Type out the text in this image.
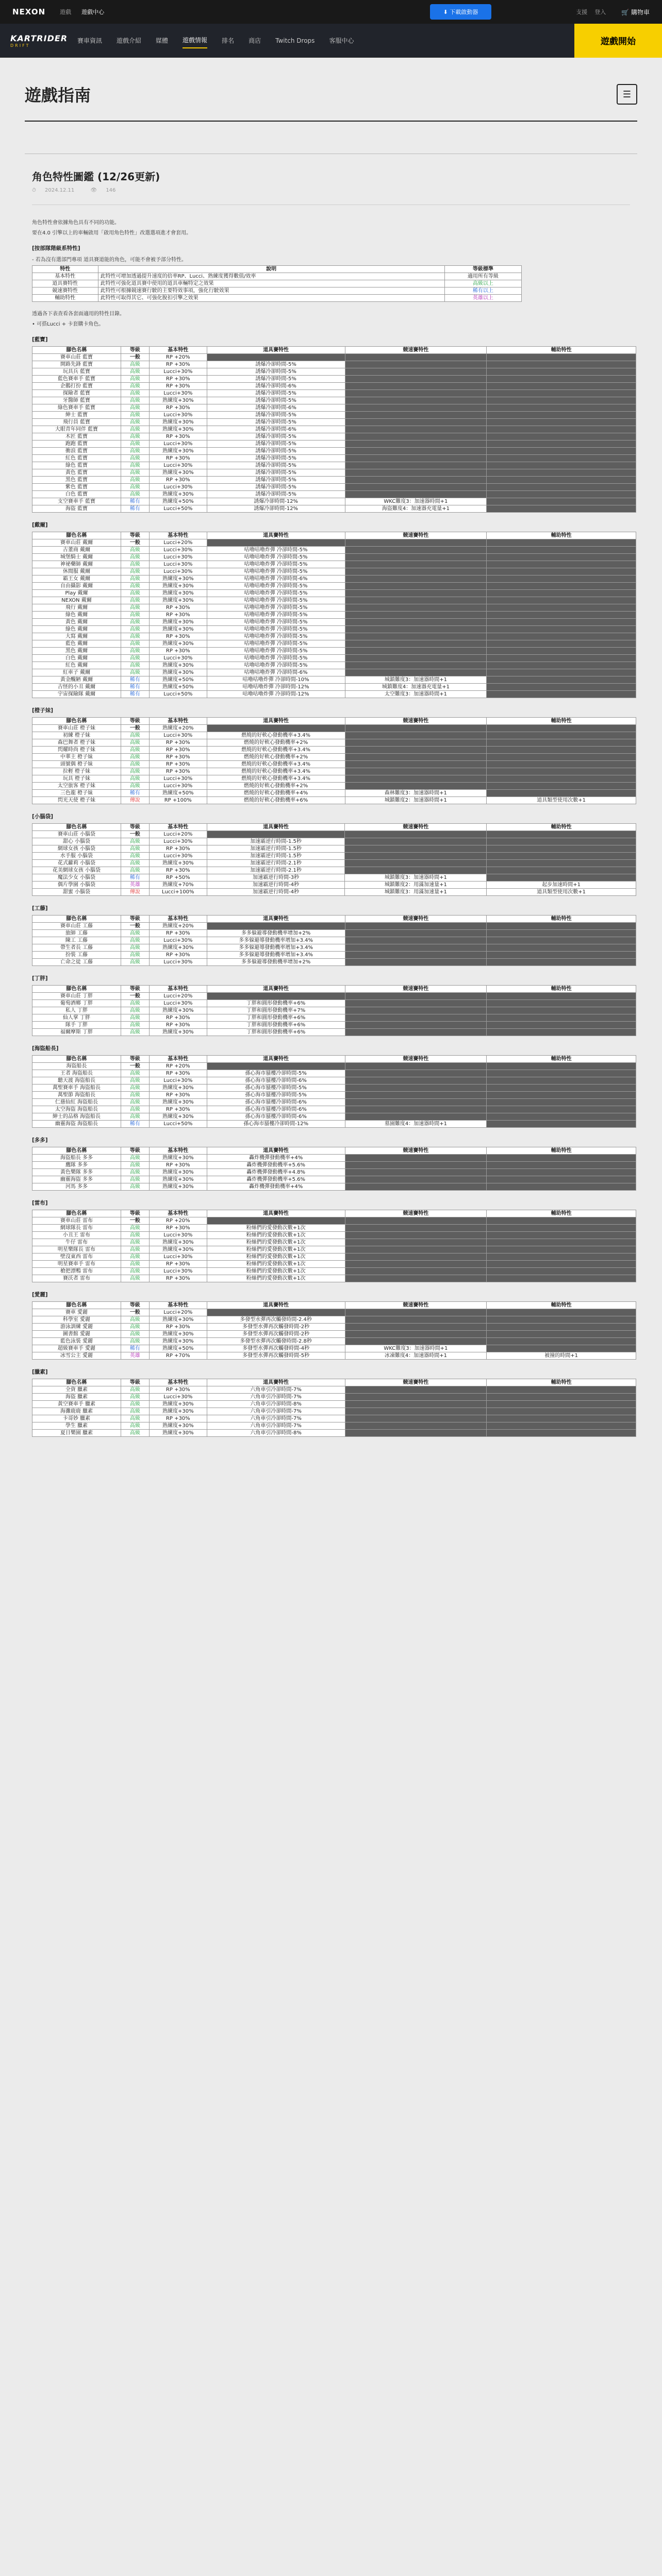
NEXON	遊戲 遊戲中心	⬇ 下載啟動器	支援 登入	🛒 購物車
KARTRIDER
DRIFT
賽車資訊 遊戲介紹 媒體 遊戲情報 排名 商店 Twitch Drops 客服中心	遊戲開始
遊戲指南	☰
角色特性圖鑑 (12/26更新)
⏱ 2024.12.11	👁 146

角色特性會依據角色具有不同的功能。

要在4.0 引擎以上的車輛啟用「啟用角色特性」改選選項進才會套用。

[按部隊階級系特性]

- 若為沒有選部門專項 道具賽道能的角色，可能不會被予部分特性。

特性	說明	等級標準
基本特性	此特性可增加透過提升速度的倍率RP、Lucci、熟練度獲得數值/效率	適用所有等級
道具賽特性	此特性可強化道具賽中使用的道具車輛特定之效果	高級以上
競速賽特性	此特性可根據競速賽行駛的主要特效事項，強化行駛效果	稀有以上
輔助特性	此特性可取得其它、可強化脫扣引擎之效果	英雄以上

透過各下表查看各套面適用的特性目錄。

• 可搭Lucci + 卡套購卡角色。

[藍寶]

腳色名稱	等級	基本特性	道具賽特性	競速賽特性	輔助特性
賽車山莊 藍寶	一般	RP +20%			
開路先鋒 藍寶	高級	RP +30%	誘爆冷卻時間-5%		
玩具兵 藍寶	高級	Lucci+30%	誘爆冷卻時間-5%		
藍色賽車手 藍寶	高級	RP +30%	誘爆冷卻時間-5%		
企鵝打扮 藍寶	高級	RP +30%	誘爆冷卻時間-6%		
探險者 藍寶	高級	Lucci+30%	誘爆冷卻時間-5%		
牙醫師 藍寶	高級	熟練度+30%	誘爆冷卻時間-5%		
綠色賽車手 藍寶	高級	RP +30%	誘爆冷卻時間-6%		
紳士 藍寶	高級	Lucci+30%	誘爆冷卻時間-5%		
飛行員 藍寶	高級	熟練度+30%	誘爆冷卻時間-5%		
大眼青年同伴 藍寶	高級	熟練度+30%	誘爆冷卻時間-6%		
木匠 藍寶	高級	RP +30%	誘爆冷卻時間-5%		
跑跑 藍寶	高級	Lucci+30%	誘爆冷卻時間-5%		
衝浪 藍寶	高級	熟練度+30%	誘爆冷卻時間-5%		
紅色 藍寶	高級	RP +30%	誘爆冷卻時間-5%		
綠色 藍寶	高級	Lucci+30%	誘爆冷卻時間-5%		
黃色 藍寶	高級	熟練度+30%	誘爆冷卻時間-5%		
黑色 藍寶	高級	RP +30%	誘爆冷卻時間-5%		
紫色 藍寶	高級	Lucci+30%	誘爆冷卻時間-5%		
白色 藍寶	高級	熟練度+30%	誘爆冷卻時間-5%		
支空賽車手 藍寶	稀有	熟練度+50%	誘爆冷卻時間-12%	WKC難度3：加速器時間+1	
海盜 藍寶	稀有	Lucci+50%	誘爆冷卻時間-12%	海盜難度4：加速器充電量+1	

[戴爾]

腳色名稱	等級	基本特性	道具賽特性	競速賽特性	輔助特性
賽車山莊 戴爾	一般	Lucci+20%			
古董商 戴爾	高級	Lucci+30%	咕嚕咕嚕炸彈 冷卻時間-5%		
城堡騎士 戴爾	高級	Lucci+30%	咕嚕咕嚕炸彈 冷卻時間-5%		
神祕藥師 戴爾	高級	Lucci+30%	咕嚕咕嚕炸彈 冷卻時間-5%		
休閒服 戴爾	高級	Lucci+30%	咕嚕咕嚕炸彈 冷卻時間-5%		
霸王女 戴爾	高級	熟練度+30%	咕嚕咕嚕炸彈 冷卻時間-6%		
自由攝影 戴爾	高級	熟練度+30%	咕嚕咕嚕炸彈 冷卻時間-5%		
Play 戴爾	高級	熟練度+30%	咕嚕咕嚕炸彈 冷卻時間-5%		
NEXON 戴爾	高級	熟練度+30%	咕嚕咕嚕炸彈 冷卻時間-5%		
飛行 戴爾	高級	RP +30%	咕嚕咕嚕炸彈 冷卻時間-5%		
綠色 戴爾	高級	RP +30%	咕嚕咕嚕炸彈 冷卻時間-5%		
黃色 戴爾	高級	熟練度+30%	咕嚕咕嚕炸彈 冷卻時間-5%		
綠色 戴爾	高級	熟練度+30%	咕嚕咕嚕炸彈 冷卻時間-5%		
大寫 戴爾	高級	RP +30%	咕嚕咕嚕炸彈 冷卻時間-5%		
藍色 戴爾	高級	熟練度+30%	咕嚕咕嚕炸彈 冷卻時間-5%		
黑色 戴爾	高級	RP +30%	咕嚕咕嚕炸彈 冷卻時間-5%		
白色 戴爾	高級	Lucci+30%	咕嚕咕嚕炸彈 冷卻時間-5%		
紅色 戴爾	高級	熟練度+30%	咕嚕咕嚕炸彈 冷卻時間-5%		
紅車子 戴爾	高級	熟練度+30%	咕嚕咕嚕炸彈 冷卻時間-6%		
黃金醜陋 戴爾	稀有	熟練度+50%	咕嚕咕嚕炸彈 冷卻時間-10%	城鎮難度3：加速器時間+1	
古怪的小丑 戴爾	稀有	熟練度+50%	咕嚕咕嚕炸彈 冷卻時間-12%	城鎮難度4：加速器充電量+1	
宇宙探險隊 戴爾	稀有	Lucci+50%	咕嚕咕嚕炸彈 冷卻時間-12%	太空難度3：加速器時間+1	

[橙子妹]

腳色名稱	等級	基本特性	道具賽特性	競速賽特性	輔助特性
賽車山莊 橙子妹	一般	熟練度+20%			
初練 橙子妹	高級	Lucci+30%	燃燒的好軟心發動機率+3.4%		
森巴舞者 橙子妹	高級	RP +30%	燃燒的好軟心發動機率+2%		
閃耀時尚 橙子妹	高級	RP +30%	燃燒的好軟心發動機率+3.4%		
中華主 橙子妹	高級	RP +30%	燃燒的好軟心發動機率+2%		
頭號偶 橙子妹	高級	RP +30%	燃燒的好軟心發動機率+3.4%		
拉輕 橙子妹	高級	RP +30%	燃燒的好軟心發動機率+3.4%		
玩具 橙子妹	高級	Lucci+30%	燃燒的好軟心發動機率+3.4%		
太空旅客 橙子妹	高級	Lucci+30%	燃燒的好軟心發動機率+2%		
三色龍 橙子妹	稀有	熟練度+50%	燃燒的好軟心發動機率+4%	森林難度3：加速器時間+1	
閃光天使 橙子妹	傳說	RP +100%	燃燒的好軟心發動機率+6%	城鎮難度2：加速器時間+1	道具類型使用次數+1

[小腦袋]

腳色名稱	等級	基本特性	道具賽特性	競速賽特性	輔助特性
賽車山莊 小腦袋	一般	Lucci+20%			
甜心 小腦袋	高級	Lucci+30%	加速霸逆行時間-1.5秒		
網球女孩 小腦袋	高級	RP +30%	加速霸逆行時間-1.5秒		
水手服 小腦袋	高級	Lucci+30%	加速霸逆行時間-1.5秒		
花式蘿莉 小腦袋	高級	熟練度+30%	加速霸逆行時間-2.1秒		
花美網球女孩 小腦袋	高級	RP +30%	加速霸逆行時間-2.1秒		
魔法少女 小腦袋	稀有	RP +50%	加速霸逆行時間-3秒	城鎮難度3：加速器時間+1	
偶片學園 小腦袋	英雄	熟練度+70%	加速霸逆行時間-4秒	城鎮難度2：用滿加速量+1	起步加速時間+1
甜蜜 小腦袋	傳說	Lucci+100%	加速霸逆行時間-4秒	城鎮難度3：用滿加速量+1	道具類型使用次數+1

[工藤]

腳色名稱	等級	基本特性	道具賽特性	競速賽特性	輔助特性
賽車山莊 工藤	一般	熟練度+20%			
旅師 工藤	高級	RP +30%	多多躲避導發動機率增加+2%		
陳工 工藤	高級	Lucci+30%	多多躲避導發動機率增加+3.4%		
帶生者長 工藤	高級	熟練度+30%	多多躲避導發動機率增加+3.4%		
扮裝 工藤	高級	RP +30%	多多躲避導發動機率增加+3.4%		
亡命之徒 工藤	高級	Lucci+30%	多多躲避導發動機率增加+2%		

[丁胖]

腳色名稱	等級	基本特性	道具賽特性	競速賽特性	輔助特性
賽車山莊 丁胖	一般	Lucci+20%			
葡萄酒鄉 丁胖	高級	Lucci+30%	丁胖和圓形發動機率+6%		
私人 丁胖	高級	熟練度+30%	丁胖和圓形發動機率+7%		
仙人掌 丁胖	高級	RP +30%	丁胖和圓形發動機率+6%		
隊手 丁胖	高級	RP +30%	丁胖和圓形發動機率+6%		
福爾摩斯 丁胖	高級	熟練度+30%	丁胖和圓形發動機率+6%		

[海盜船長]

腳色名稱	等級	基本特性	道具賽特性	競速賽特性	輔助特性
海盜船長	一般	RP +20%			
王者 海盜船長	高級	RP +30%	孫心海市蜃樓冷卻時間-5%		
聽天渡 海盜船長	高級	Lucci+30%	孫心海市蜃樓冷卻時間-6%		
萬聖賽車手 海盜船長	高級	熟練度+30%	孫心海市蜃樓冷卻時間-5%		
萬聖節 海盜船長	高級	RP +30%	孫心海市蜃樓冷卻時間-5%		
仁慈仙紅 海盜船長	高級	熟練度+30%	孫心海市蜃樓冷卻時間-6%		
太空海盜 海盜船長	高級	RP +30%	孫心海市蜃樓冷卻時間-6%		
紳士的品格 海盜船長	高級	熟練度+30%	孫心海市蜃樓冷卻時間-6%		
幽靈海盜 海盜船長	稀有	Lucci+50%	孫心海市蜃樓冷卻時間-12%	墓園難度4：加速器時間+1	

[多多]

腳色名稱	等級	基本特性	道具賽特性	競速賽特性	輔助特性
海盜船長 多多	高級	熟練度+30%	轟炸機彈發動機率+4%		
鷹隊 多多	高級	RP +30%	轟炸機彈發動機率+5.6%		
黃色樂隊 多多	高級	熟練度+30%	轟炸機彈發動機率+4.8%		
幽靈海盜 多多	高級	熟練度+30%	轟炸機彈發動機率+5.6%		
河馬 多多	高級	熟練度+30%	轟炸機彈發動機率+4%		

[雷布]

腳色名稱	等級	基本特性	道具賽特性	競速賽特性	輔助特性
賽車山莊 雷布	一般	RP +20%			
網球隊長 雷布	高級	RP +30%	粉絲們的愛發動次數+1次		
小丑王 雷布	高級	Lucci+30%	粉絲們的愛發動次數+1次		
牛仔 雷布	高級	熟練度+30%	粉絲們的愛發動次數+1次		
明星樂隊長 雷布	高級	熟練度+30%	粉絲們的愛發動次數+1次		
壁沒東西 雷布	高級	Lucci+30%	粉絲們的愛發動次數+1次		
明星賽車手 雷布	高級	RP +30%	粉絲們的愛發動次數+1次		
槍把漂鴨 雷布	高級	Lucci+30%	粉絲們的愛發動次數+1次		
賽沃者 雷布	高級	RP +30%	粉絲們的愛發動次數+1次		

[愛麗]

腳色名稱	等級	基本特性	道具賽特性	競速賽特性	輔助特性
賽車 愛麗	一般	Lucci+20%			
科學室 愛麗	高級	熟練度+30%	多發型水彈再次觸發時間-2.4秒		
游泳訓練 愛麗	高級	RP +30%	多發型水彈再次觸發時間-2秒		
圖書館 愛麗	高級	熟練度+30%	多發型水彈再次觸發時間-2秒		
藍色泳裝 愛麗	高級	熟練度+30%	多發型水彈再次觸發時間-2.8秒		
超級賽車手 愛麗	稀有	熟練度+50%	多發型水彈再次觸發時間-4秒	WKC難度3：加速器時間+1	
冰雪公主 愛麗	英雄	RP +70%	多發型水彈再次觸發時間-5秒	冰凍難度4：加速器時間+1	被撞的時間+1

[臘素]

腳色名稱	等級	基本特性	道具賽特性	競速賽特性	輔助特性
全資 臘素	高級	RP +30%	六角車引冷卻時間-7%		
海盜 臘素	高級	Lucci+30%	六角車引冷卻時間-7%		
黃空賽車手 臘素	高級	熟練度+30%	六角車引冷卻時間-8%		
海灘鹿鹿 臘素	高級	熟練度+30%	六角車引冷卻時間-7%		
卡哥妙 臘素	高級	RP +30%	六角車引冷卻時間-7%		
學生 臘素	高級	熟練度+30%	六角車引冷卻時間-7%		
夏日樂園 臘素	高級	熟練度+30%	六角車引冷卻時間-8%		
